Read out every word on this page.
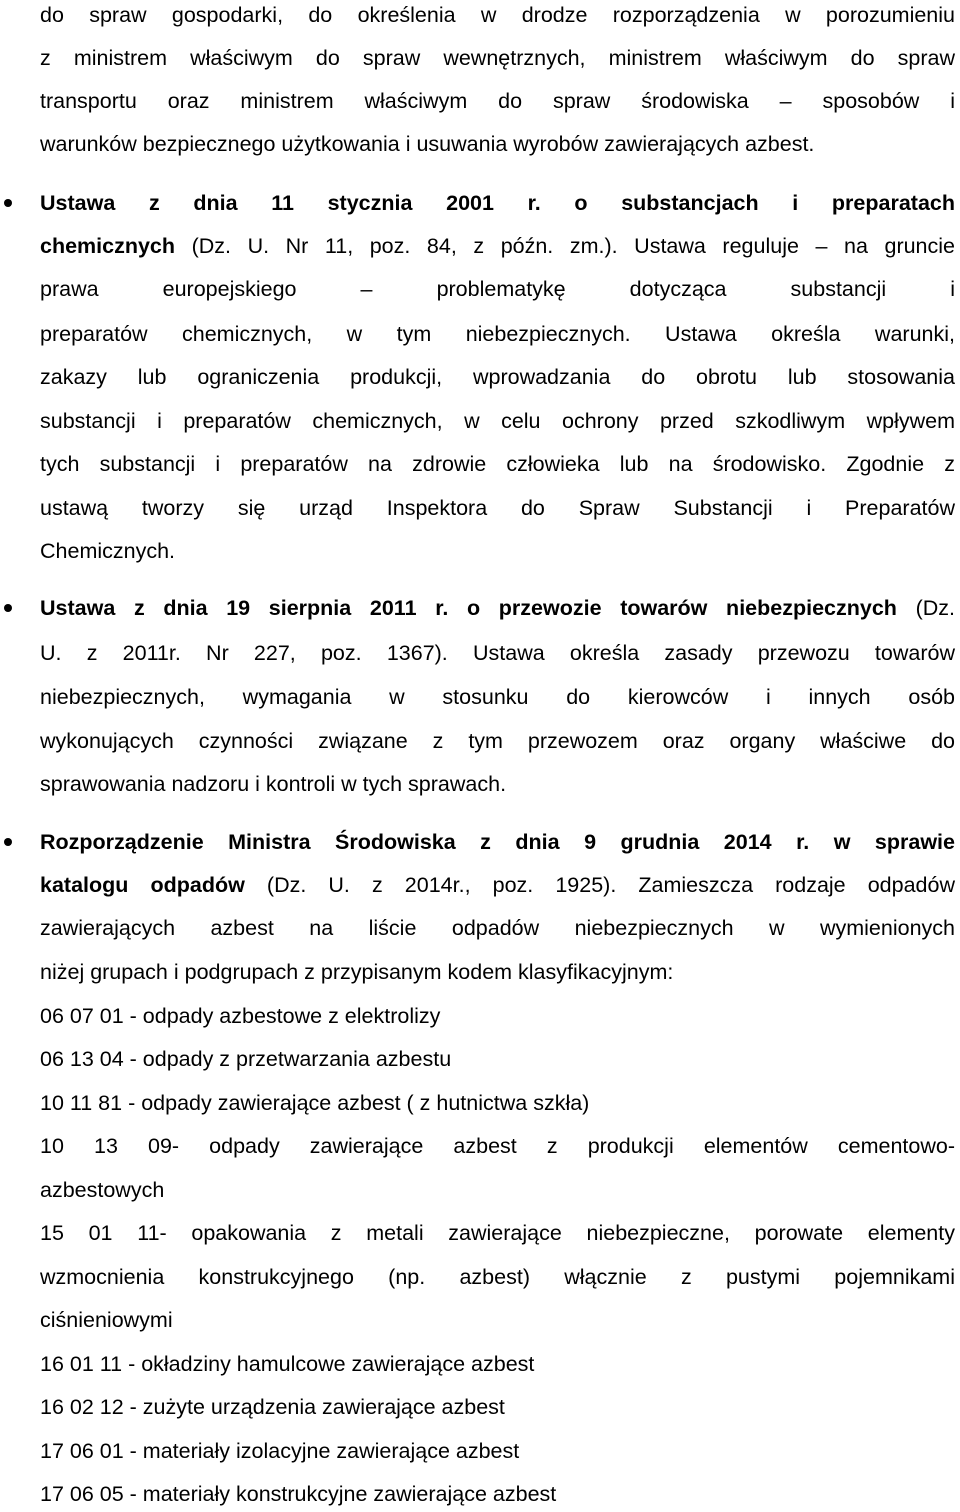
do spraw gospodarki, do określenia w drodze rozporządzenia w porozumieniu
z ministrem właściwym do spraw wewnętrznych, ministrem właściwym do spraw
transportu oraz ministrem właściwym do spraw środowiska – sposobów i
warunków bezpiecznego użytkowania i usuwania wyrobów zawierających azbest.
Ustawa z dnia 11 stycznia 2001 r. o substancjach i preparatach
chemicznych (Dz. U. Nr 11, poz. 84, z późn. zm.). Ustawa reguluje – na gruncie
prawa europejskiego – problematykę dotycząca substancji i
preparatów chemicznych, w tym niebezpiecznych. Ustawa określa warunki,
zakazy lub ograniczenia produkcji, wprowadzania do obrotu lub stosowania
substancji i preparatów chemicznych, w celu ochrony przed szkodliwym wpływem
tych substancji i preparatów na zdrowie człowieka lub na środowisko. Zgodnie z
ustawą tworzy się urząd Inspektora do Spraw Substancji i Preparatów
Chemicznych.
Ustawa z dnia 19 sierpnia 2011 r. o przewozie towarów niebezpiecznych (Dz.
U. z 2011r. Nr 227, poz. 1367). Ustawa określa zasady przewozu towarów
niebezpiecznych, wymagania w stosunku do kierowców i innych osób
wykonujących czynności związane z tym przewozem oraz organy właściwe do
sprawowania nadzoru i kontroli w tych sprawach.
Rozporządzenie Ministra Środowiska z dnia 9 grudnia 2014 r. w sprawie
katalogu odpadów (Dz. U. z 2014r., poz. 1925). Zamieszcza rodzaje odpadów
zawierających azbest na liście odpadów niebezpiecznych w wymienionych
niżej grupach i podgrupach z przypisanym kodem klasyfikacyjnym:
06 07 01 - odpady azbestowe z elektrolizy
06 13 04 - odpady z przetwarzania azbestu
10 11 81 - odpady zawierające azbest ( z hutnictwa szkła)
10 13 09- odpady zawierające azbest z produkcji elementów cementowo-
azbestowych
15 01 11- opakowania z metali zawierające niebezpieczne, porowate elementy
wzmocnienia konstrukcyjnego (np. azbest) włącznie z pustymi pojemnikami
ciśnieniowymi
16 01 11 - okładziny hamulcowe zawierające azbest
16 02 12 - zużyte urządzenia zawierające azbest
17 06 01 - materiały izolacyjne zawierające azbest
17 06 05 - materiały konstrukcyjne zawierające azbest
